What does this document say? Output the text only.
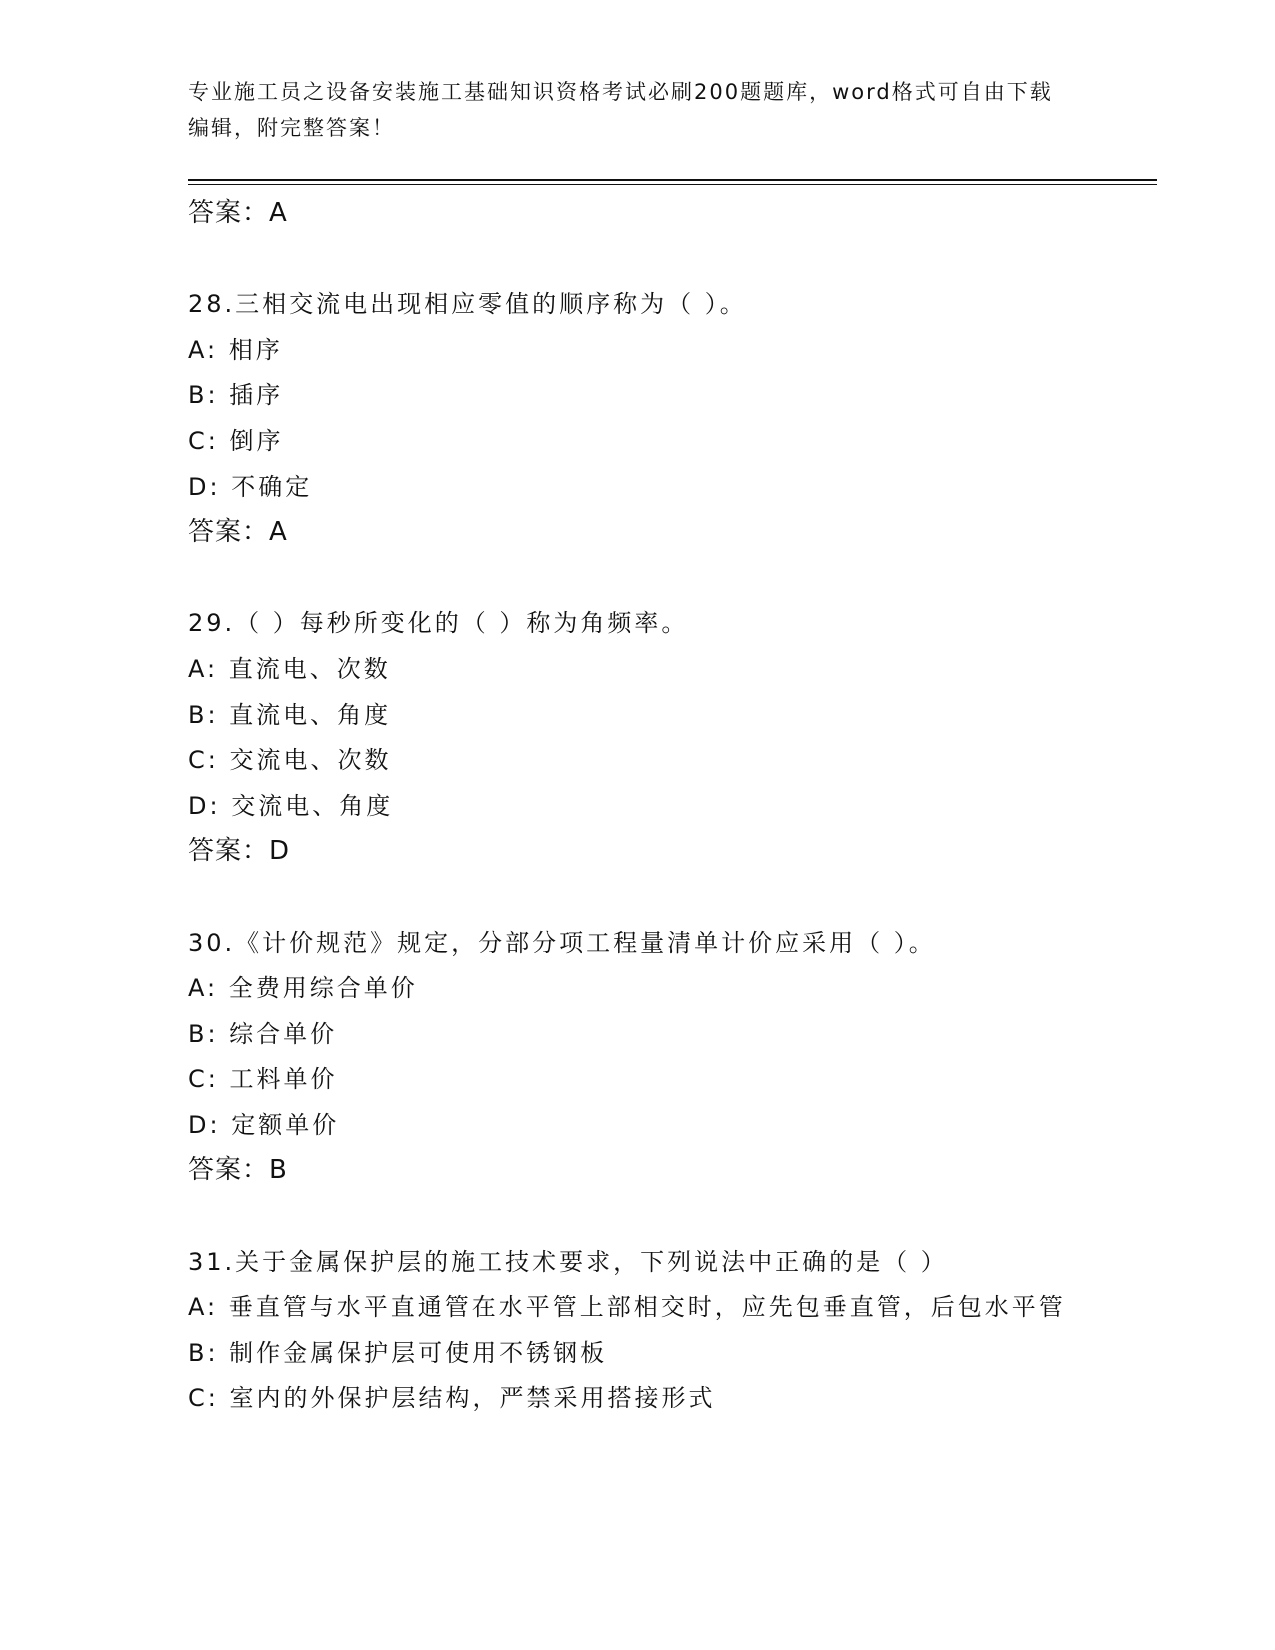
专业施工员之设备安装施工基础知识资格考试必刷200题题库，word格式可自由下载编辑，附完整答案！
答案：A
28.三相交流电出现相应零值的顺序称为（ ）。
A: 相序
B: 插序
C: 倒序
D: 不确定
答案：A
29.（ ）每秒所变化的（ ）称为角频率。
A: 直流电、次数
B: 直流电、角度
C: 交流电、次数
D: 交流电、角度
答案：D
30.《计价规范》规定，分部分项工程量清单计价应采用（ ）。
A: 全费用综合单价
B: 综合单价
C: 工料单价
D: 定额单价
答案：B
31.关于金属保护层的施工技术要求，下列说法中正确的是（ ）
A: 垂直管与水平直通管在水平管上部相交时，应先包垂直管，后包水平管
B: 制作金属保护层可使用不锈钢板
C: 室内的外保护层结构，严禁采用搭接形式
